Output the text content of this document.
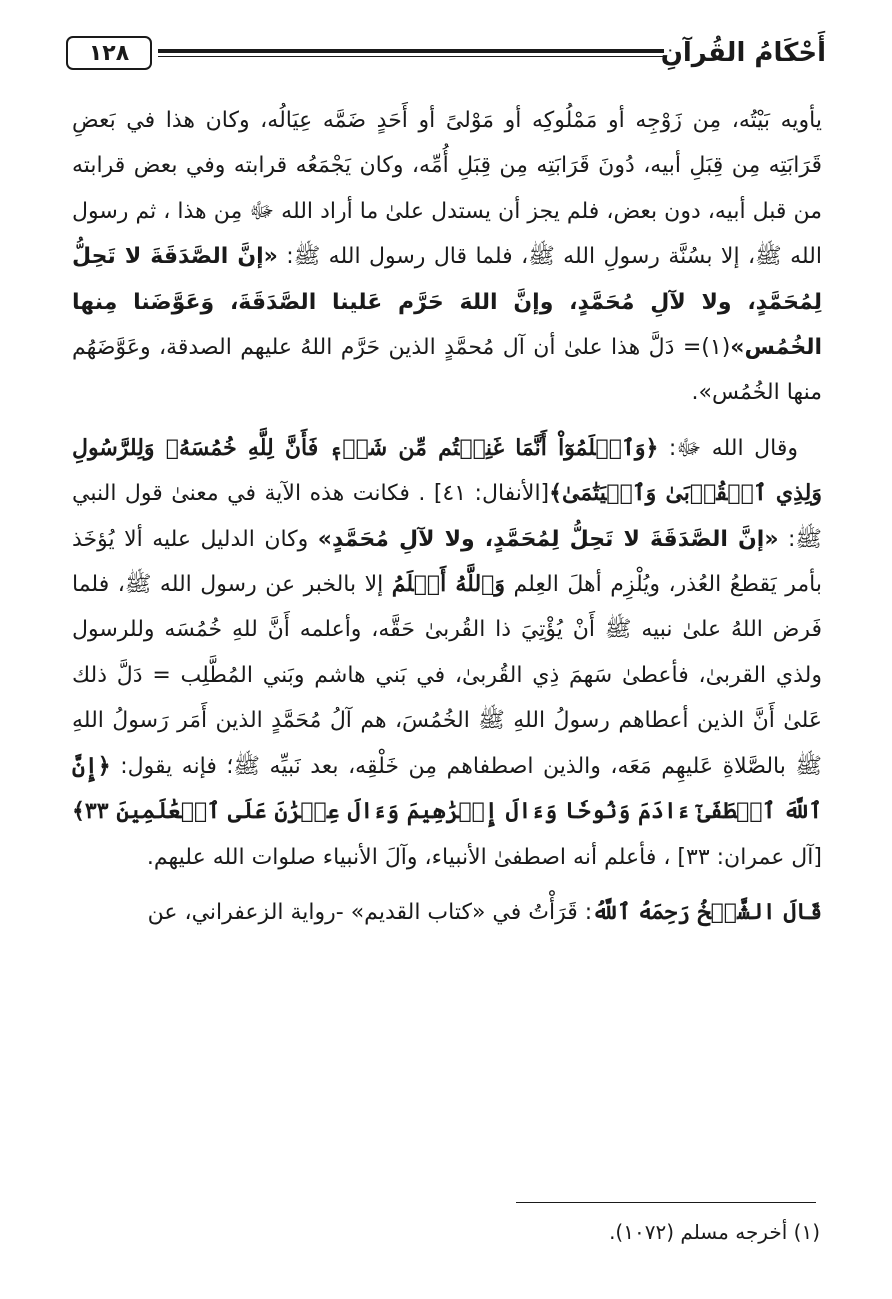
١٢٨	أَحْكَامُ القُرآنِ

يأويه بَيْتُه، مِن زَوْجِه أو مَمْلُوكِه أو مَوْلىً أو أَحَدٍ ضَمَّه عِيَالُه، وكان هذا في بَعضِ قَرَابَتِه مِن قِبَلِ أبيه، دُونَ قَرَابَتِه مِن قِبَلِ أُمِّه، وكان يَجْمَعُه قرابته وفي بعض قرابته من قبل أبيه، دون بعض، فلم يجز أن يستدل علىٰ ما أراد الله ﷻ مِن هذا ، ثم رسول الله ﷺ، إلا بسُنَّة رسولِ الله ﷺ، فلما قال رسول الله ﷺ: «إنَّ الصَّدَقَةَ لا تَحِلُّ لِمُحَمَّدٍ، ولا لآلِ مُحَمَّدٍ، وإنَّ اللهَ حَرَّم عَلينا الصَّدَقَةَ، وَعَوَّضَنا مِنها الخُمُس»(١)= دَلَّ هذا علىٰ أن آل مُحمَّدٍ الذين حَرَّم اللهُ عليهم الصدقة، وعَوَّضَهُم منها الخُمُس».

وقال الله ﷻ: ﴿وَٱعۡلَمُوٓاْ أَنَّمَا غَنِمۡتُم مِّن شَيۡءٖ فَأَنَّ لِلَّهِ خُمُسَهُۥ وَلِلرَّسُولِ وَلِذِي ٱلۡقُرۡبَىٰ وَٱلۡيَتَٰمَىٰ﴾[الأنفال: ٤١] . فكانت هذه الآية في معنىٰ قول النبي ﷺ: «إنَّ الصَّدَقَةَ لا تَحِلُّ لِمُحَمَّدٍ، ولا لآلِ مُحَمَّدٍ» وكان الدليل عليه ألا يُؤخَذ بأمر يَقطعُ العُذر، ويُلْزِم أهلَ العِلم وَٱللَّهُ أَعۡلَمُ إلا بالخبر عن رسول الله ﷺ، فلما فَرض اللهُ علىٰ نبيه ﷺ أَنْ يُؤْتِيَ ذا القُربىٰ حَقَّه، وأعلمه أَنَّ للهِ خُمُسَه وللرسول ولذي القربىٰ، فأعطىٰ سَهمَ ذِي القُربىٰ، في بَني هاشم وبَني المُطَّلِب = دَلَّ ذلك عَلىٰ أَنَّ الذين أعطاهم رسولُ اللهِ ﷺ الخُمُسَ، هم آلُ مُحَمَّدٍ الذين أَمَر رَسولُ اللهِ ﷺ بالصَّلاةِ عَليهِم مَعَه، والذين اصطفاهم مِن خَلْقِه، بعد نَبيِّه ﷺ؛ فإنه يقول: ﴿إِنَّ ٱللَّهَ ٱصۡطَفَىٰٓ ءَادَمَ وَنُوحٗا وَءَالَ إِبۡرَٰهِيمَ وَءَالَ عِمۡرَٰنَ عَلَى ٱلۡعَٰلَمِينَ ٣٣﴾[آل عمران: ٣٣] ، فأعلم أنه اصطفىٰ الأنبياء، وآلَ الأنبياء صلوات الله عليهم.

قَالَ الشَّيۡخُ رَحِمَهُ ٱللَّهُ: قَرَأْتُ في «كتاب القديم» -رواية الزعفراني، عن

(١) أخرجه مسلم (١٠٧٢).
